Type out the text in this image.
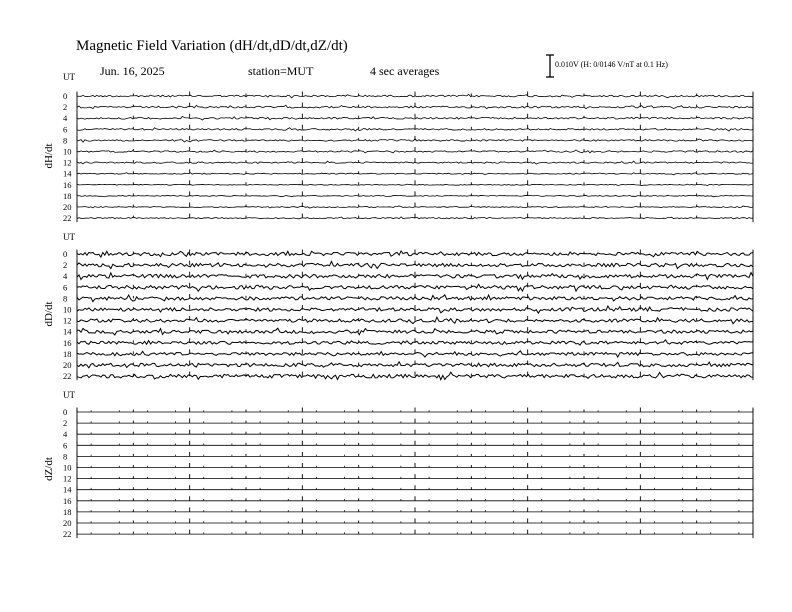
Magnetic Field Variation (dH/dt,dD/dt,dZ/dt)
Jun. 16, 2025	station=MUT	4 sec averages	0.010V (H: 0/0146 V/nT at 0.1 Hz)
UT
dH/dt
0
2
4
6
8
10
12
14
16
18
20
22
UT
dD/dt
0
2
4
6
8
10
12
14
16
18
20
22
UT
dZ/dt
0
2
4
6
8
10
12
14
16
18
20
22
